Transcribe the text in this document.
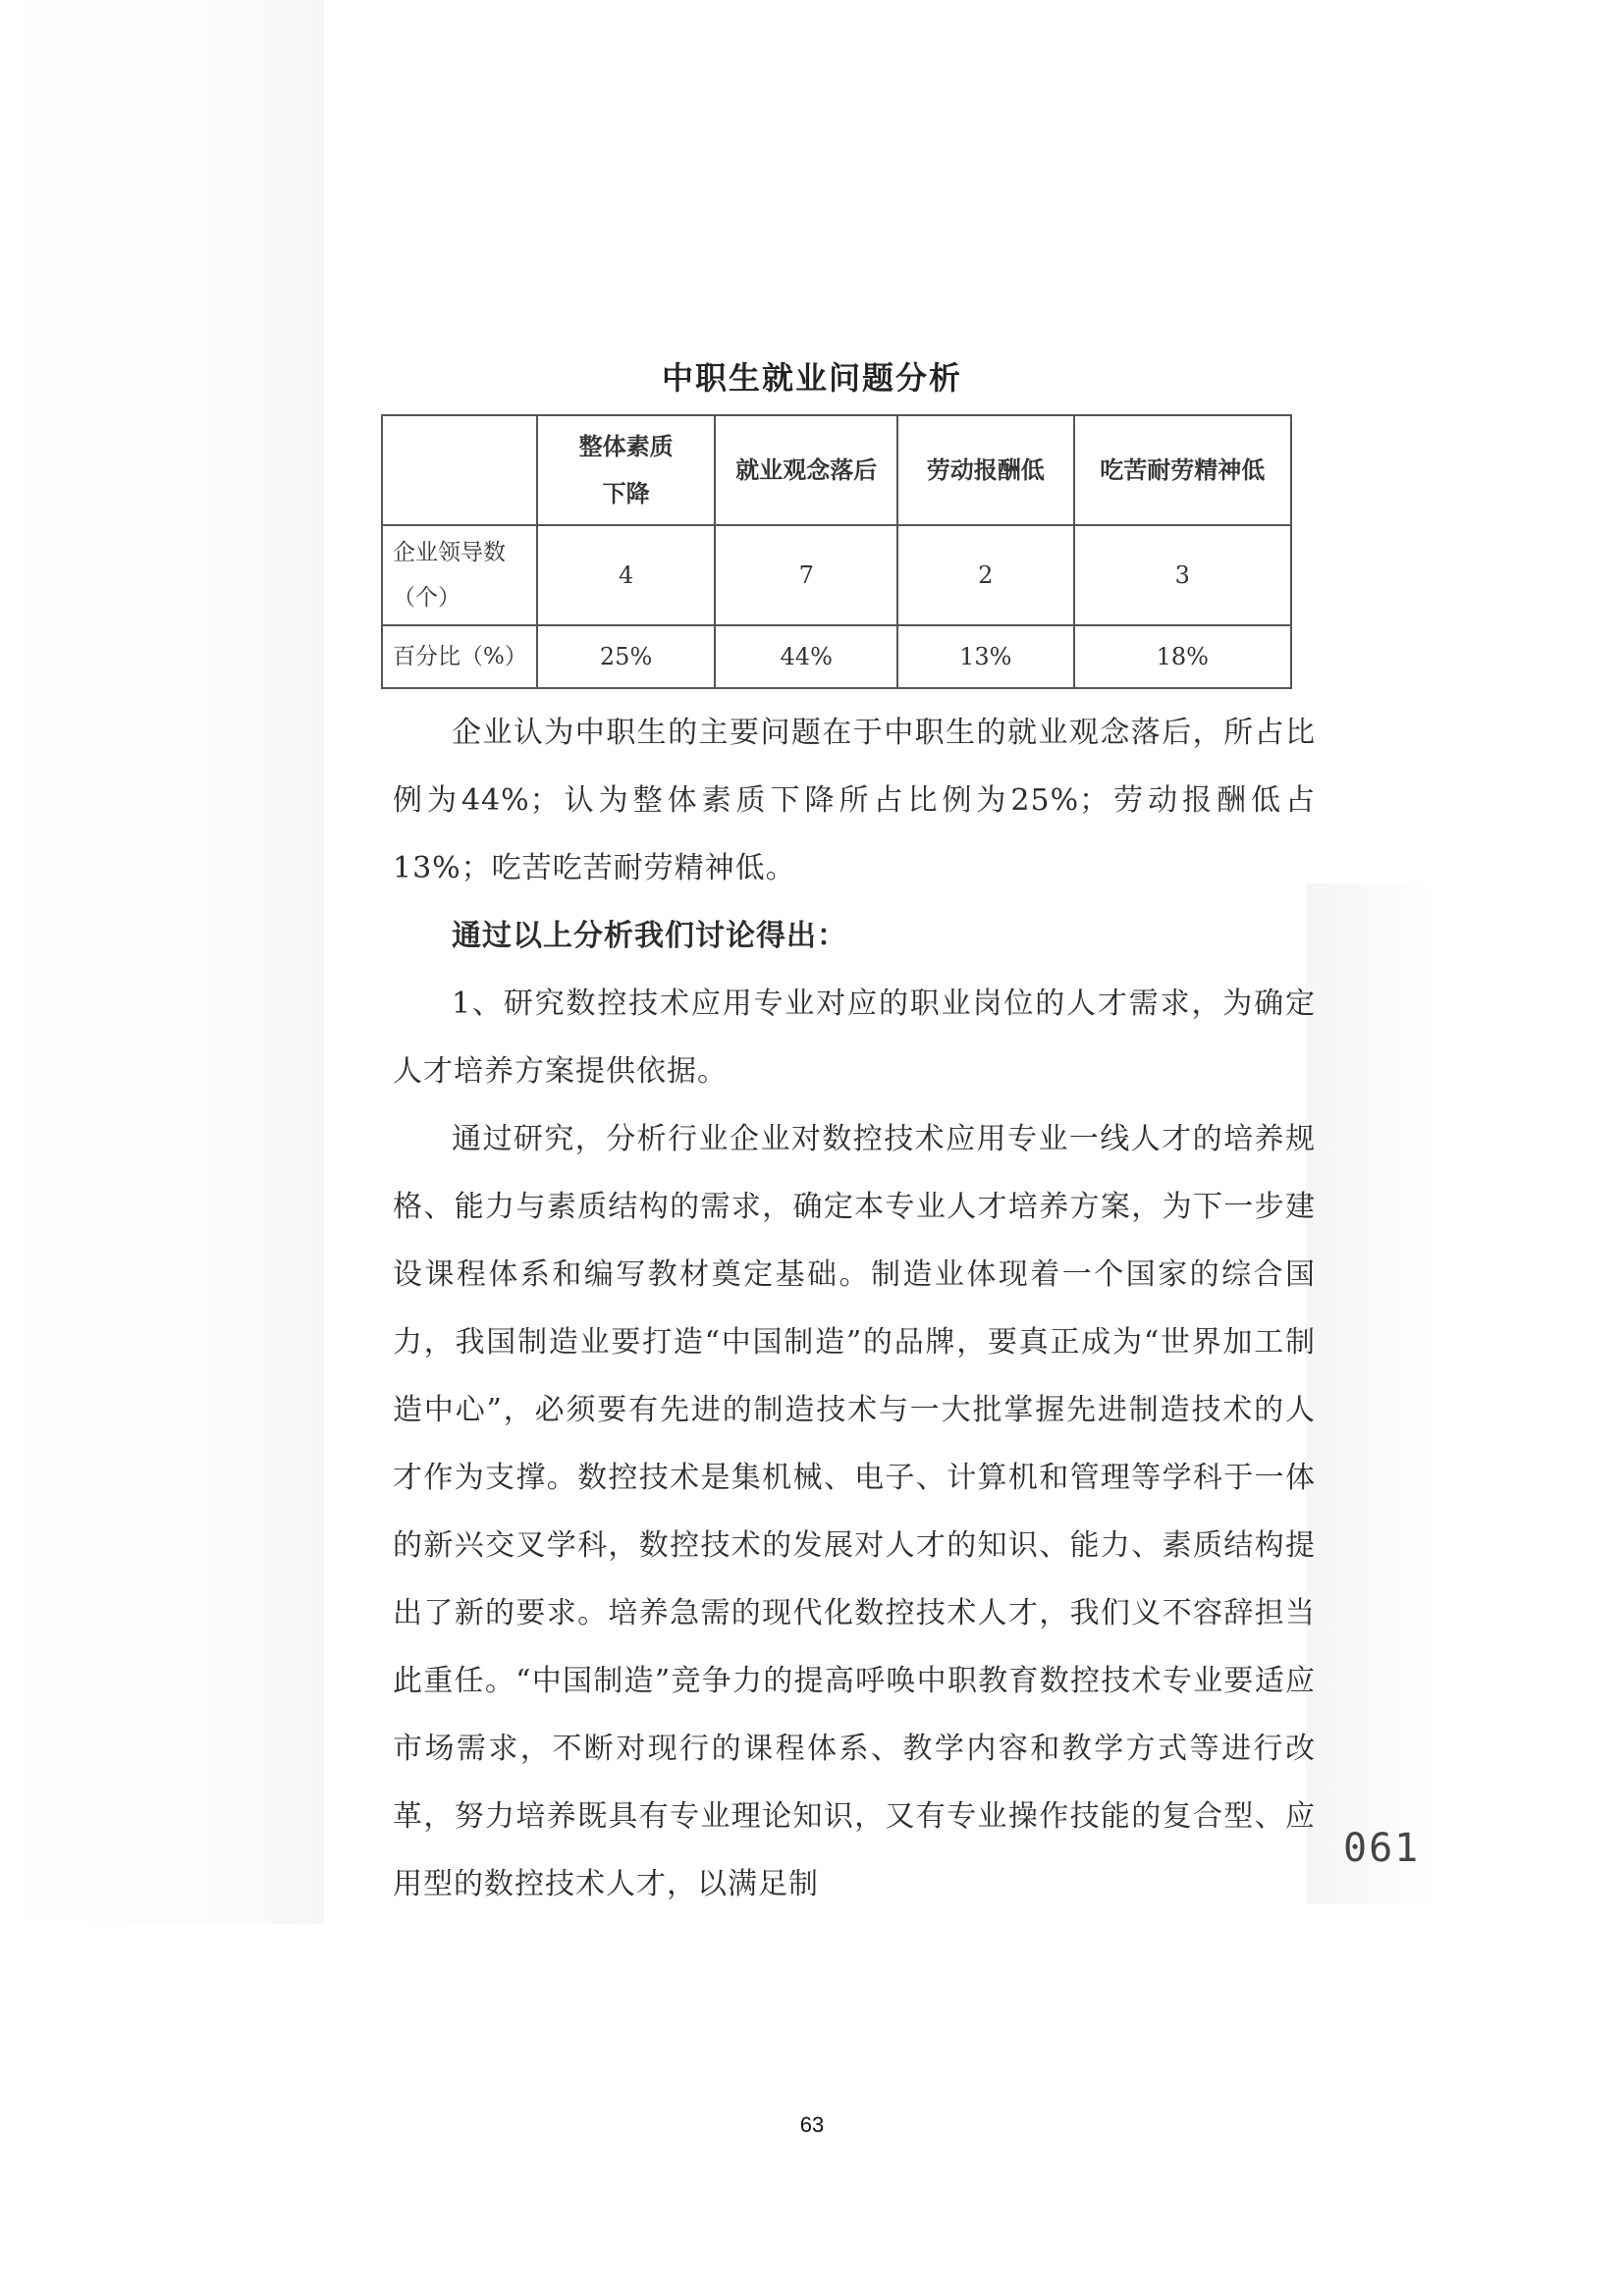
中职生就业问题分析
	整体素质下降	就业观念落后	劳动报酬低	吃苦耐劳精神低
企业领导数（个）	4	7	2	3
百分比（%）	25%	44%	13%	18%

企业认为中职生的主要问题在于中职生的就业观念落后，所占比例为44%；认为整体素质下降所占比例为25%；劳动报酬低占13%；吃苦吃苦耐劳精神低。

通过以上分析我们讨论得出：

1、研究数控技术应用专业对应的职业岗位的人才需求，为确定人才培养方案提供依据。

通过研究，分析行业企业对数控技术应用专业一线人才的培养规格、能力与素质结构的需求，确定本专业人才培养方案，为下一步建设课程体系和编写教材奠定基础。制造业体现着一个国家的综合国力，我国制造业要打造“中国制造”的品牌，要真正成为“世界加工制造中心”，必须要有先进的制造技术与一大批掌握先进制造技术的人才作为支撑。数控技术是集机械、电子、计算机和管理等学科于一体的新兴交叉学科，数控技术的发展对人才的知识、能力、素质结构提出了新的要求。培养急需的现代化数控技术人才，我们义不容辞担当此重任。“中国制造”竞争力的提高呼唤中职教育数控技术专业要适应市场需求，不断对现行的课程体系、教学内容和教学方式等进行改革，努力培养既具有专业理论知识，又有专业操作技能的复合型、应用型的数控技术人才，以满足制

061
63
